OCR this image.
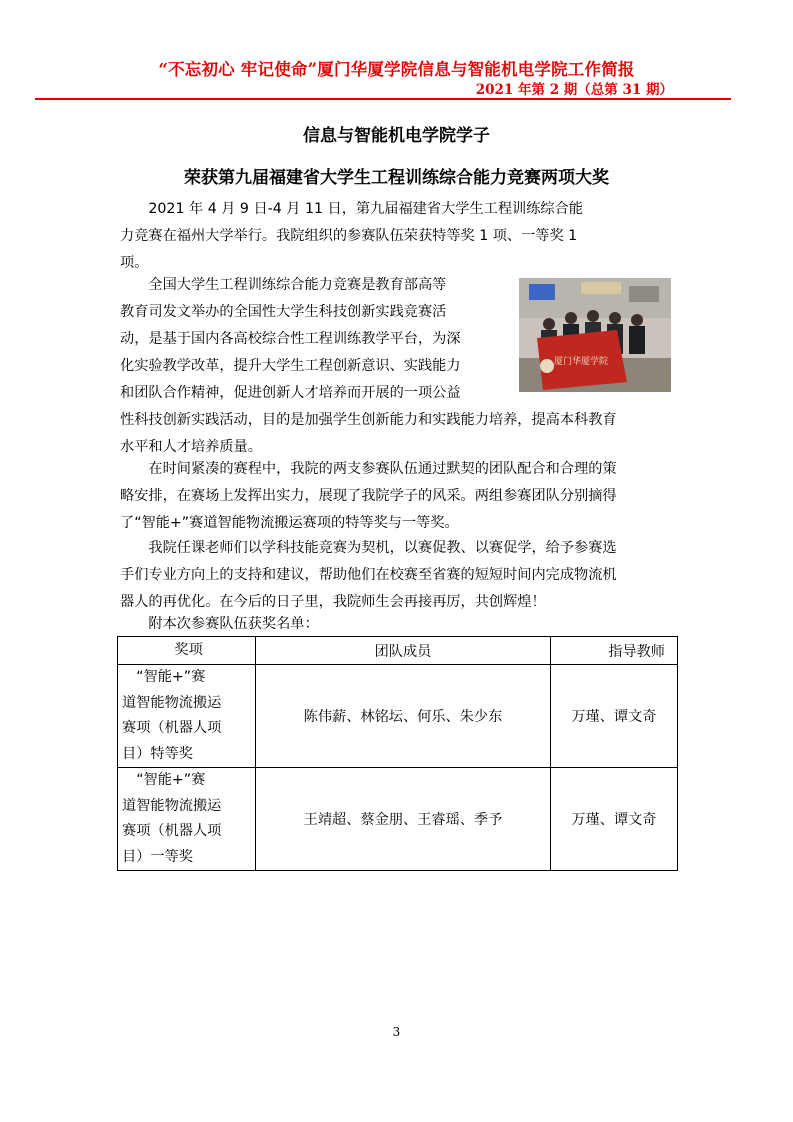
“不忘初心 牢记使命”厦门华厦学院信息与智能机电学院工作简报
2021 年第 2 期（总第 31 期）
信息与智能机电学院学子
荣获第九届福建省大学生工程训练综合能力竞赛两项大奖
　　2021 年 4 月 9 日-4 月 11 日，第九届福建省大学生工程训练综合能
力竞赛在福州大学举行。我院组织的参赛队伍荣获特等奖 1 项、一等奖 1
项。
　　全国大学生工程训练综合能力竞赛是教育部高等
教育司发文举办的全国性大学生科技创新实践竞赛活
动，是基于国内各高校综合性工程训练教学平台，为深
化实验教学改革，提升大学生工程创新意识、实践能力
和团队合作精神，促进创新人才培养而开展的一项公益
性科技创新实践活动，目的是加强学生创新能力和实践能力培养，提高本科教育
水平和人才培养质量。
厦门华厦学院
　　在时间紧凑的赛程中，我院的两支参赛队伍通过默契的团队配合和合理的策
略安排，在赛场上发挥出实力，展现了我院学子的风采。两组参赛团队分别摘得
了“智能+”赛道智能物流搬运赛项的特等奖与一等奖。
　　我院任课老师们以学科技能竞赛为契机，以赛促教、以赛促学，给予参赛选
手们专业方向上的支持和建议，帮助他们在校赛至省赛的短短时间内完成物流机
器人的再优化。在今后的日子里，我院师生会再接再厉，共创辉煌！
　　附本次参赛队伍获奖名单：
奖项	团队成员	指导教师

　“智能+”赛
道智能物流搬运
赛项（机器人项
目）特等奖	陈伟薪、林铭坛、何乐、朱少东	万瑾、谭文奇

　“智能+”赛
道智能物流搬运
赛项（机器人项
目）一等奖	王靖超、蔡金朋、王睿瑶、季予	万瑾、谭文奇
3
